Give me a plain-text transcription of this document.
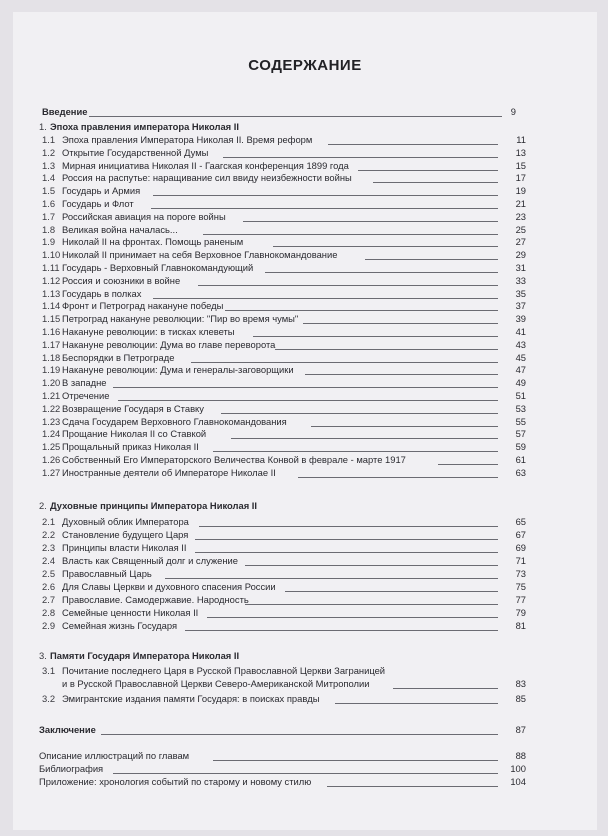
СОДЕРЖАНИЕ
Введение	9
1. Эпоха правления императора Николая II
1.1 Эпоха правления Императора Николая II. Время реформ	11
1.2 Открытие Государственной Думы	13
1.3 Мирная инициатива Николая II - Гаагская конференция 1899 года	15
1.4 Россия на распутье: наращивание сил ввиду неизбежности войны	17
1.5 Государь и Армия	19
1.6 Государь и Флот	21
1.7 Российская авиация на пороге войны	23
1.8 Великая война началась...	25
1.9 Николай II на фронтах. Помощь раненым	27
1.10 Николай II принимает на себя Верховное Главнокомандование	29
1.11 Государь - Верховный Главнокомандующий	31
1.12 Россия и союзники в войне	33
1.13 Государь в полках	35
1.14 Фронт и Петроград накануне победы	37
1.15 Петроград накануне революции: "Пир во время чумы"	39
1.16 Накануне революции: в тисках клеветы	41
1.17 Накануне революции: Дума во главе переворота	43
1.18 Беспорядки в Петрограде	45
1.19 Накануне революции: Дума и генералы-заговорщики	47
1.20 В западне	49
1.21 Отречение	51
1.22 Возвращение Государя в Ставку	53
1.23 Сдача Государем Верховного Главнокомандования	55
1.24 Прощание Николая II со Ставкой	57
1.25 Прощальный приказ Николая II	59
1.26 Собственный Его Императорского Величества Конвой в феврале - марте 1917	61
1.27 Иностранные деятели об Императоре Николае II	63
2. Духовные принципы Императора Николая II
2.1 Духовный облик Императора	65
2.2 Становление будущего Царя	67
2.3 Принципы власти Николая II	69
2.4 Власть как Священный долг и служение	71
2.5 Православный Царь	73
2.6 Для Славы Церкви и духовного спасения России	75
2.7 Православие. Самодержавие. Народность	77
2.8 Семейные ценности Николая II	79
2.9 Семейная жизнь Государя	81
3. Памяти Государя Императора Николая II
3.1 Почитание последнего Царя в Русской Православной Церкви Заграницей
и в Русской Православной Церкви Северо-Американской Митрополии	83
3.2 Эмигрантские издания памяти Государя: в поисках правды	85
Заключение	87
Описание иллюстраций по главам	88
Библиография	100
Приложение: хронология событий по старому и новому стилю	104
